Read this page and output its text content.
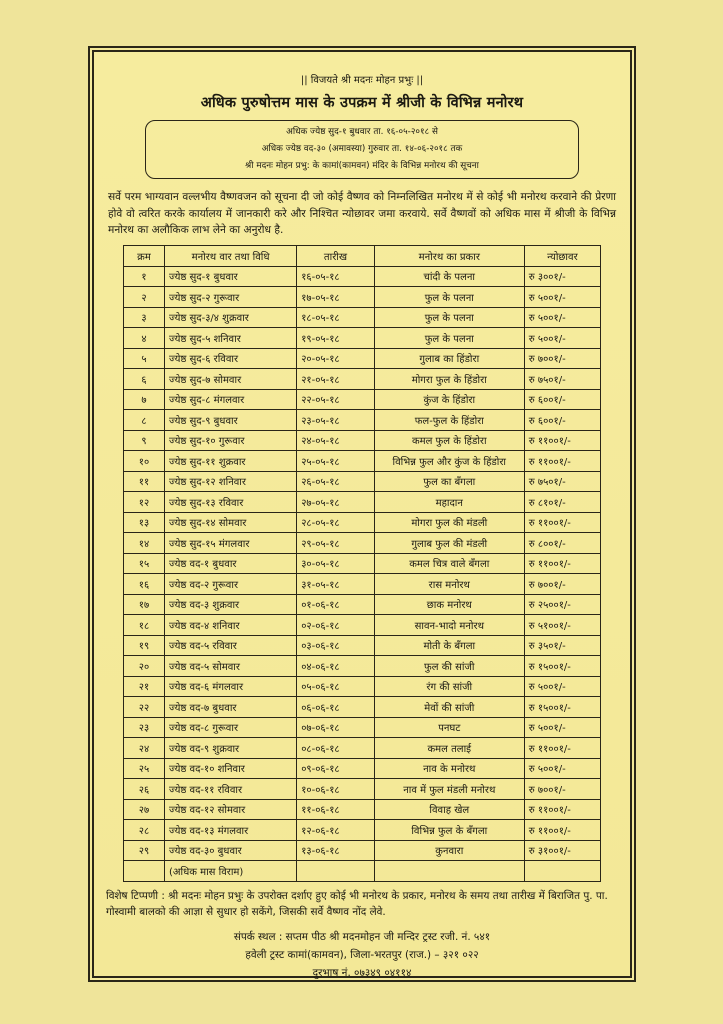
|| विजयते श्री मदनः मोहन प्रभुः ||
अधिक पुरुषोत्तम मास के उपक्रम में श्रीजी के विभिन्न मनोरथ
अधिक ज्येष्ठ सुद-१ बुधवार ता. १६-०५-२०१८ से
अधिक ज्येष्ठ वद-३० (अमावस्या) गुरुवार ता. १४-०६-२०१८ तक
श्री मदनः मोहन प्रभु: के कामां(कामवन) मंदिर के विभिन्न मनोरथ की सूचना
सर्वे परम भाग्यवान वल्लभीय वैष्णवजन को सूचना दी जो कोई वैष्णव को निम्नलिखित मनोरथ में से कोई भी मनोरथ करवाने की प्रेरणा होवे वो त्वरित करके कार्यालय में जानकारी करे और निश्चित न्योछावर जमा करवाये. सर्वे वैष्णवों को अधिक मास में श्रीजी के विभिन्न मनोरथ का अलौकिक लाभ लेने का अनुरोध है.
क्रम	मनोरथ वार तथा विधि	तारीख	मनोरथ का प्रकार	न्योछावर
१	ज्येष्ठ सुद-१ बुधवार	१६-०५-१८	चांदी के पलना	रु ३००१/-
२	ज्येष्ठ सुद-२ गुरूवार	१७-०५-१८	फुल के पलना	रु ५००१/-
३	ज्येष्ठ सुद-३/४ शुक्रवार	१८-०५-१८	फुल के पलना	रु ५००१/-
४	ज्येष्ठ सुद-५ शनिवार	१९-०५-१८	फुल के पलना	रु ५००१/-
५	ज्येष्ठ सुद-६ रविवार	२०-०५-१८	गुलाब का हिंडोरा	रु ७००१/-
६	ज्येष्ठ सुद-७ सोमवार	२१-०५-१८	मोगरा फुल के हिंडोरा	रु ७५०१/-
७	ज्येष्ठ सुद-८ मंगलवार	२२-०५-१८	कुंज के हिंडोरा	रु ६००१/-
८	ज्येष्ठ सुद-९ बुधवार	२३-०५-१८	फल-फुल के हिंडोरा	रु ६००१/-
९	ज्येष्ठ सुद-१० गुरूवार	२४-०५-१८	कमल फुल के हिंडोरा	रु ११००१/-
१०	ज्येष्ठ सुद-११ शुक्रवार	२५-०५-१८	विभिन्न फुल और कुंज के हिंडोरा	रु ११००१/-
११	ज्येष्ठ सुद-१२ शनिवार	२६-०५-१८	फुल का बँगला	रु ७५०१/-
१२	ज्येष्ठ सुद-१३ रविवार	२७-०५-१८	महादान	रु ८१०१/-
१३	ज्येष्ठ सुद-१४ सोमवार	२८-०५-१८	मोगरा फुल की मंडली	रु ११००१/-
१४	ज्येष्ठ सुद-१५ मंगलवार	२९-०५-१८	गुलाब फुल की मंडली	रु ८००१/-
१५	ज्येष्ठ वद-१ बुधवार	३०-०५-१८	कमल चित्र वाले बँगला	रु ११००१/-
१६	ज्येष्ठ वद-२ गुरूवार	३१-०५-१८	रास मनोरथ	रु ७००१/-
१७	ज्येष्ठ वद-३ शुक्रवार	०१-०६-१८	छाक मनोरथ	रु २५००१/-
१८	ज्येष्ठ वद-४ शनिवार	०२-०६-१८	सावन-भादो मनोरथ	रु ५१००१/-
१९	ज्येष्ठ वद-५ रविवार	०३-०६-१८	मोती के बँगला	रु ३५०१/-
२०	ज्येष्ठ वद-५ सोमवार	०४-०६-१८	फुल की सांजी	रु १५००१/-
२१	ज्येष्ठ वद-६ मंगलवार	०५-०६-१८	रंग की सांजी	रु ५००१/-
२२	ज्येष्ठ वद-७ बुधवार	०६-०६-१८	मेवों की सांजी	रु १५००१/-
२३	ज्येष्ठ वद-८ गुरूवार	०७-०६-१८	पनघट	रु ५००१/-
२४	ज्येष्ठ वद-९ शुक्रवार	०८-०६-१८	कमल तलाई	रु ११००१/-
२५	ज्येष्ठ वद-१० शनिवार	०९-०६-१८	नाव के मनोरथ	रु ५००१/-
२६	ज्येष्ठ वद-११ रविवार	१०-०६-१८	नाव में फुल मंडली मनोरथ	रु ७००१/-
२७	ज्येष्ठ वद-१२ सोमवार	११-०६-१८	विवाह खेल	रु ११००१/-
२८	ज्येष्ठ वद-१३ मंगलवार	१२-०६-१८	विभिन्न फुल के बँगला	रु ११००१/-
२९	ज्येष्ठ वद-३० बुधवार	१३-०६-१८	कुनवारा	रु ३१००१/-
	(अधिक मास विराम)			
विशेष टिप्पणी : श्री मदनः मोहन प्रभुः के उपरोक्त दर्शाए हुए कोई भी मनोरथ के प्रकार, मनोरथ के समय तथा तारीख में बिराजित पु. पा. गोस्वामी बालको की आज्ञा से सुधार हो सकेंगे, जिसकी सर्वे वैष्णव नोंद लेवे.
संपर्क स्थल : सप्तम पीठ श्री मदनमोहन जी मन्दिर ट्रस्ट रजी. नं. ५४१
हवेली ट्रस्ट कामां(कामवन), जिला-भरतपुर (राज.) – ३२१ ०२२
दुरभाष नं. ०७३४९ ०४११४
